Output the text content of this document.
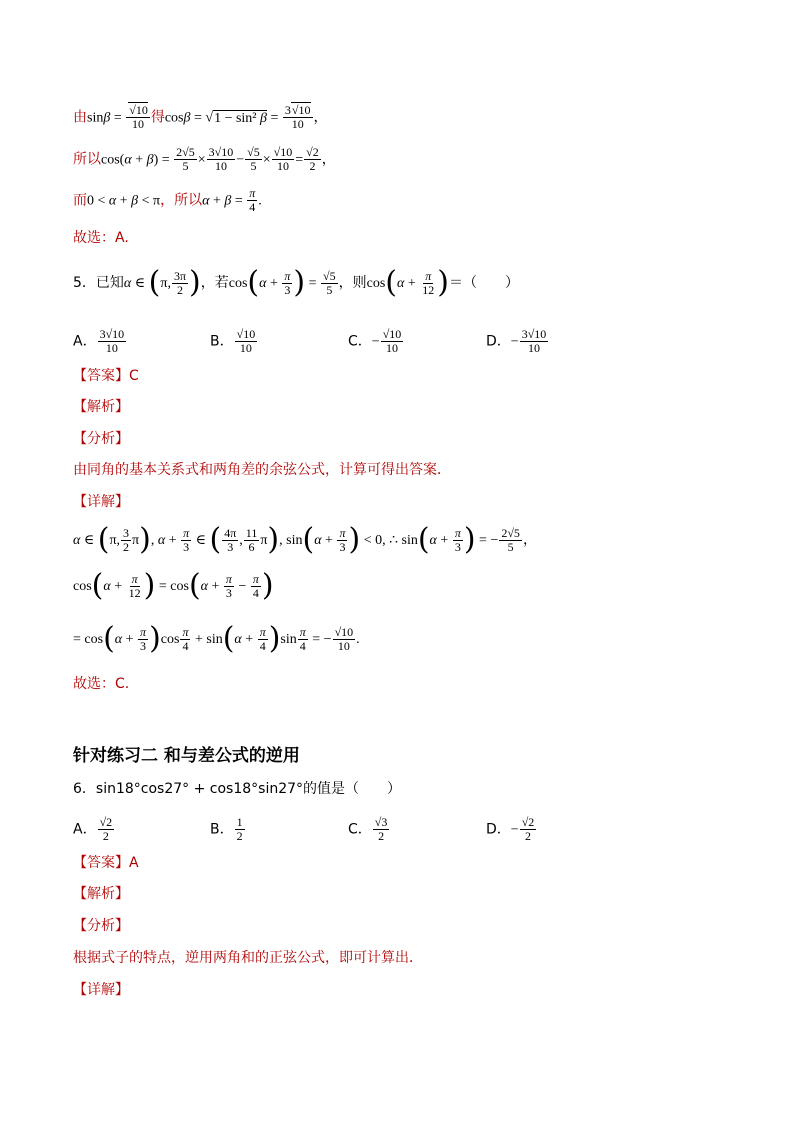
由$\sin\beta = \frac{√10}{10}$ 得cosβ = √1 − sin² $\beta = \frac{3√10}{10}$ ，
所以$\cos(\alpha + \beta) = \frac{2√5}{5} \times \frac{3√10}{10} - \frac{√5}{5} \times \frac{√10}{10} = \frac{√2}{2}$ ，
而0 < α + β < π，所以$\alpha + \beta = \frac{\pi}{4}$ .
故选：A.
5．已知α ∈ (π, $\frac{3\pi}{2}$ )，若$\cos(\alpha + \frac{\pi}{3}$ ) = $\frac{√5}{5}$ ，则$\cos(\alpha + \frac{\pi}{12}$ )＝（　　）
A． $\frac{3√10}{10}$	B． $\frac{√10}{10}$	C．− $\frac{√10}{10}$	D．− $\frac{3√10}{10}$
【答案】C
【解析】
【分析】
由同角的基本关系式和两角差的余弦公式，计算可得出答案．
【详解】
α ∈ (π, $\frac{3}{2} \pi$), $\alpha + \frac{\pi}{3}$ ∈ ( $\frac{4\pi}{3}$ , $\frac{11}{6} \pi$), $\sin(\alpha + \frac{\pi}{3}$ ) < 0, ∴ $\sin(\alpha + \frac{\pi}{3}$ ) = − $\frac{2√5}{5}$ ，
$\cos(\alpha + \frac{\pi}{12}$ ) = $\cos(\alpha + \frac{\pi}{3} - \frac{\pi}{4}$ )
= $\cos(\alpha + \frac{\pi}{3} )\cos \frac{\pi}{4} + \sin(\alpha + \frac{\pi}{4} )\sin \frac{\pi}{4}$ = − $\frac{√10}{10}$ .
故选：C.
针对练习二 和与差公式的逆用
6．sin18°cos27° + cos18°sin27°的值是（　　）
A． $\frac{√2}{2}$	B． $\frac{1}{2}$	C． $\frac{√3}{2}$	D．− $\frac{√2}{2}$
【答案】A
【解析】
【分析】
根据式子的特点，逆用两角和的正弦公式，即可计算出．
【详解】
